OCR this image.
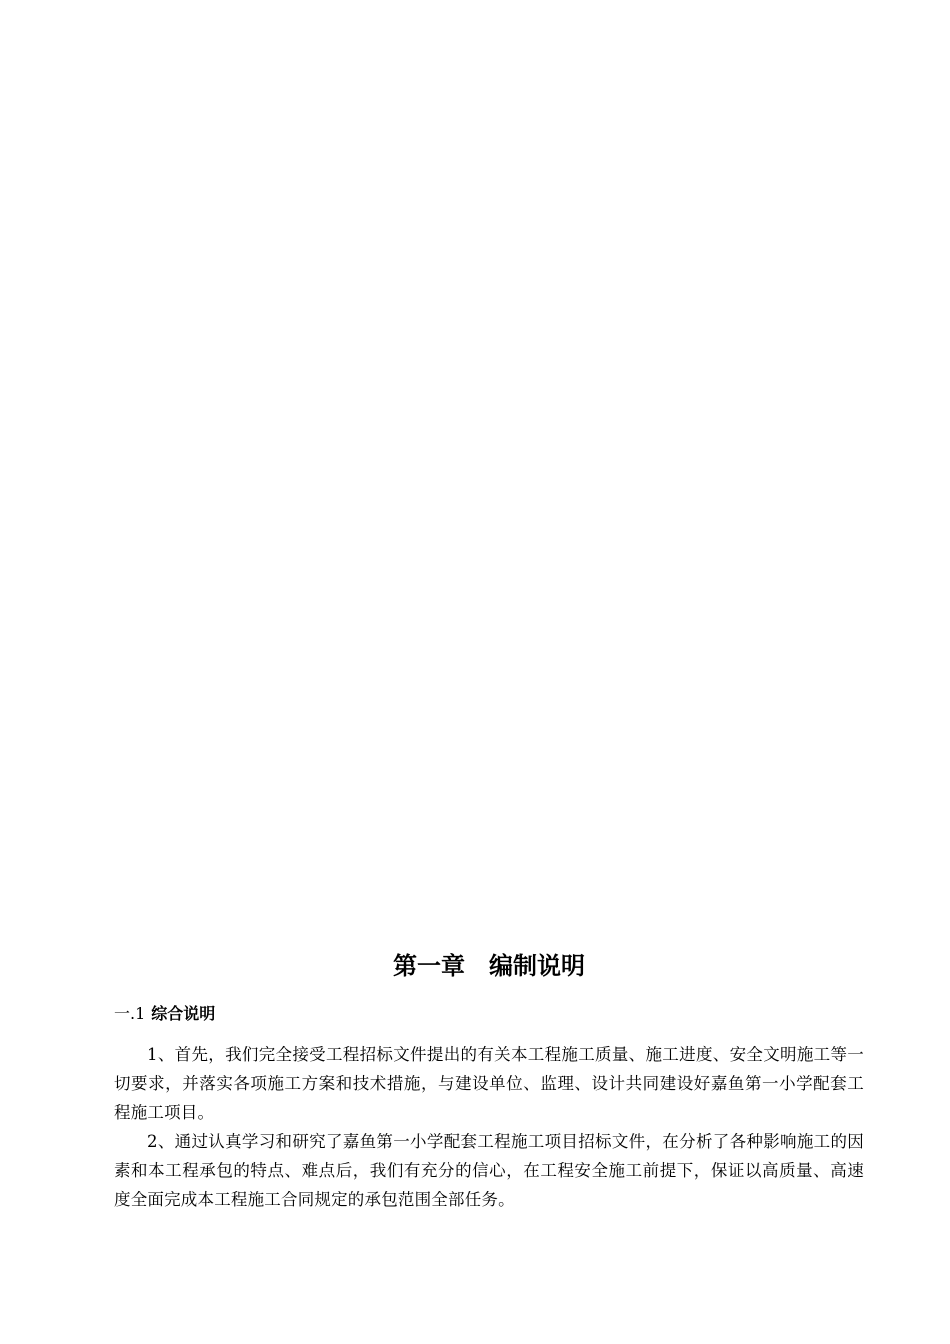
第一章　编制说明
一.1 综合说明

1、首先，我们完全接受工程招标文件提出的有关本工程施工质量、施工进度、安全文明施工等一切要求，并落实各项施工方案和技术措施，与建设单位、监理、设计共同建设好嘉鱼第一小学配套工程施工项目。

2、通过认真学习和研究了嘉鱼第一小学配套工程施工项目招标文件，在分析了各种影响施工的因素和本工程承包的特点、难点后，我们有充分的信心，在工程安全施工前提下，保证以高质量、高速度全面完成本工程施工合同规定的承包范围全部任务。
